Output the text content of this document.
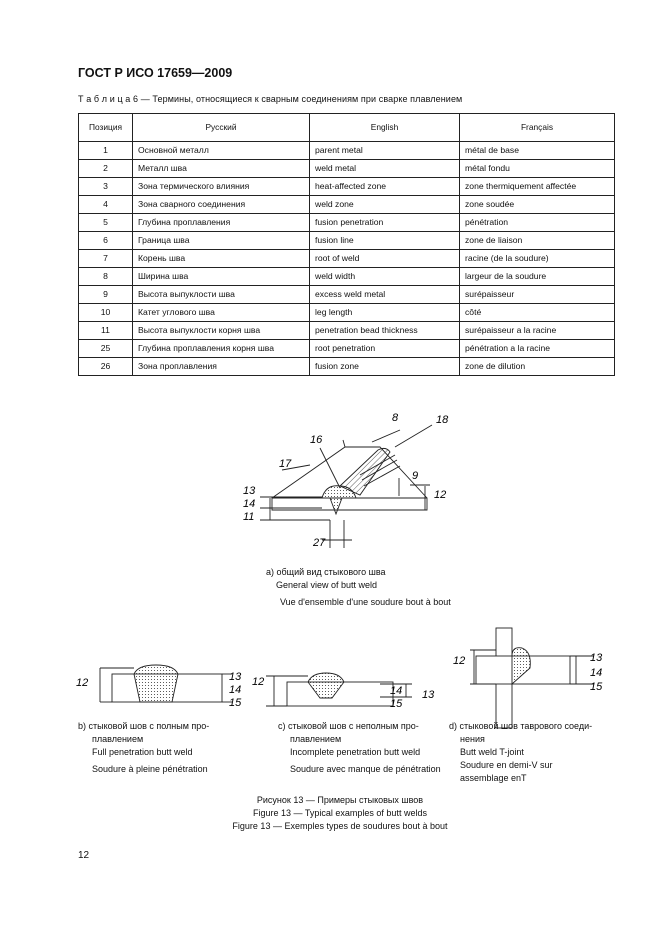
ГОСТ Р ИСО 17659—2009
Т а б л и ц а 6 — Термины, относящиеся к сварным соединениям при сварке плавлением
Позиция	Русский	English	Français
1	Основной металл	parent metal	métal de base
2	Металл шва	weld metal	métal fondu
3	Зона термического влияния	heat-affected zone	zone thermiquement affectée
4	Зона сварного соединения	weld zone	zone soudée
5	Глубина проплавления	fusion penetration	pénétration
6	Граница шва	fusion line	zone de liaison
7	Корень шва	root of weld	racine (de la soudure)
8	Ширина шва	weld width	largeur de la soudure
9	Высота выпуклости шва	excess weld metal	surépaisseur
10	Катет углового шва	leg length	côté
11	Высота выпуклости корня шва	penetration bead thickness	surépaisseur a la racine
25	Глубина проплавления корня шва	root penetration	pénétration a la racine
26	Зона проплавления	fusion zone	zone de dilution
8	18
16
17
9
13
14
12
11
27
12	13
14
15
12
14
15
13
12	13
14
15
а) общий вид стыкового шва
General view of butt weld
Vue d'ensemble d'une soudure bout à bout
b) стыковой шов с полным про-
плавлением
Full penetration butt weld
Soudure à pleine pénétration
c) стыковой шов с неполным про-
плавлением
Incomplete penetration butt weld
Soudure avec manque de pénétration
d) стыковой шов таврового соеди-
нения
Butt weld T-joint
Soudure en demi-V sur
assemblage enT
Рисунок 13 — Примеры стыковых швов
Figure 13 — Typical examples of butt welds
Figure 13 — Exemples types de soudures bout à bout
12
